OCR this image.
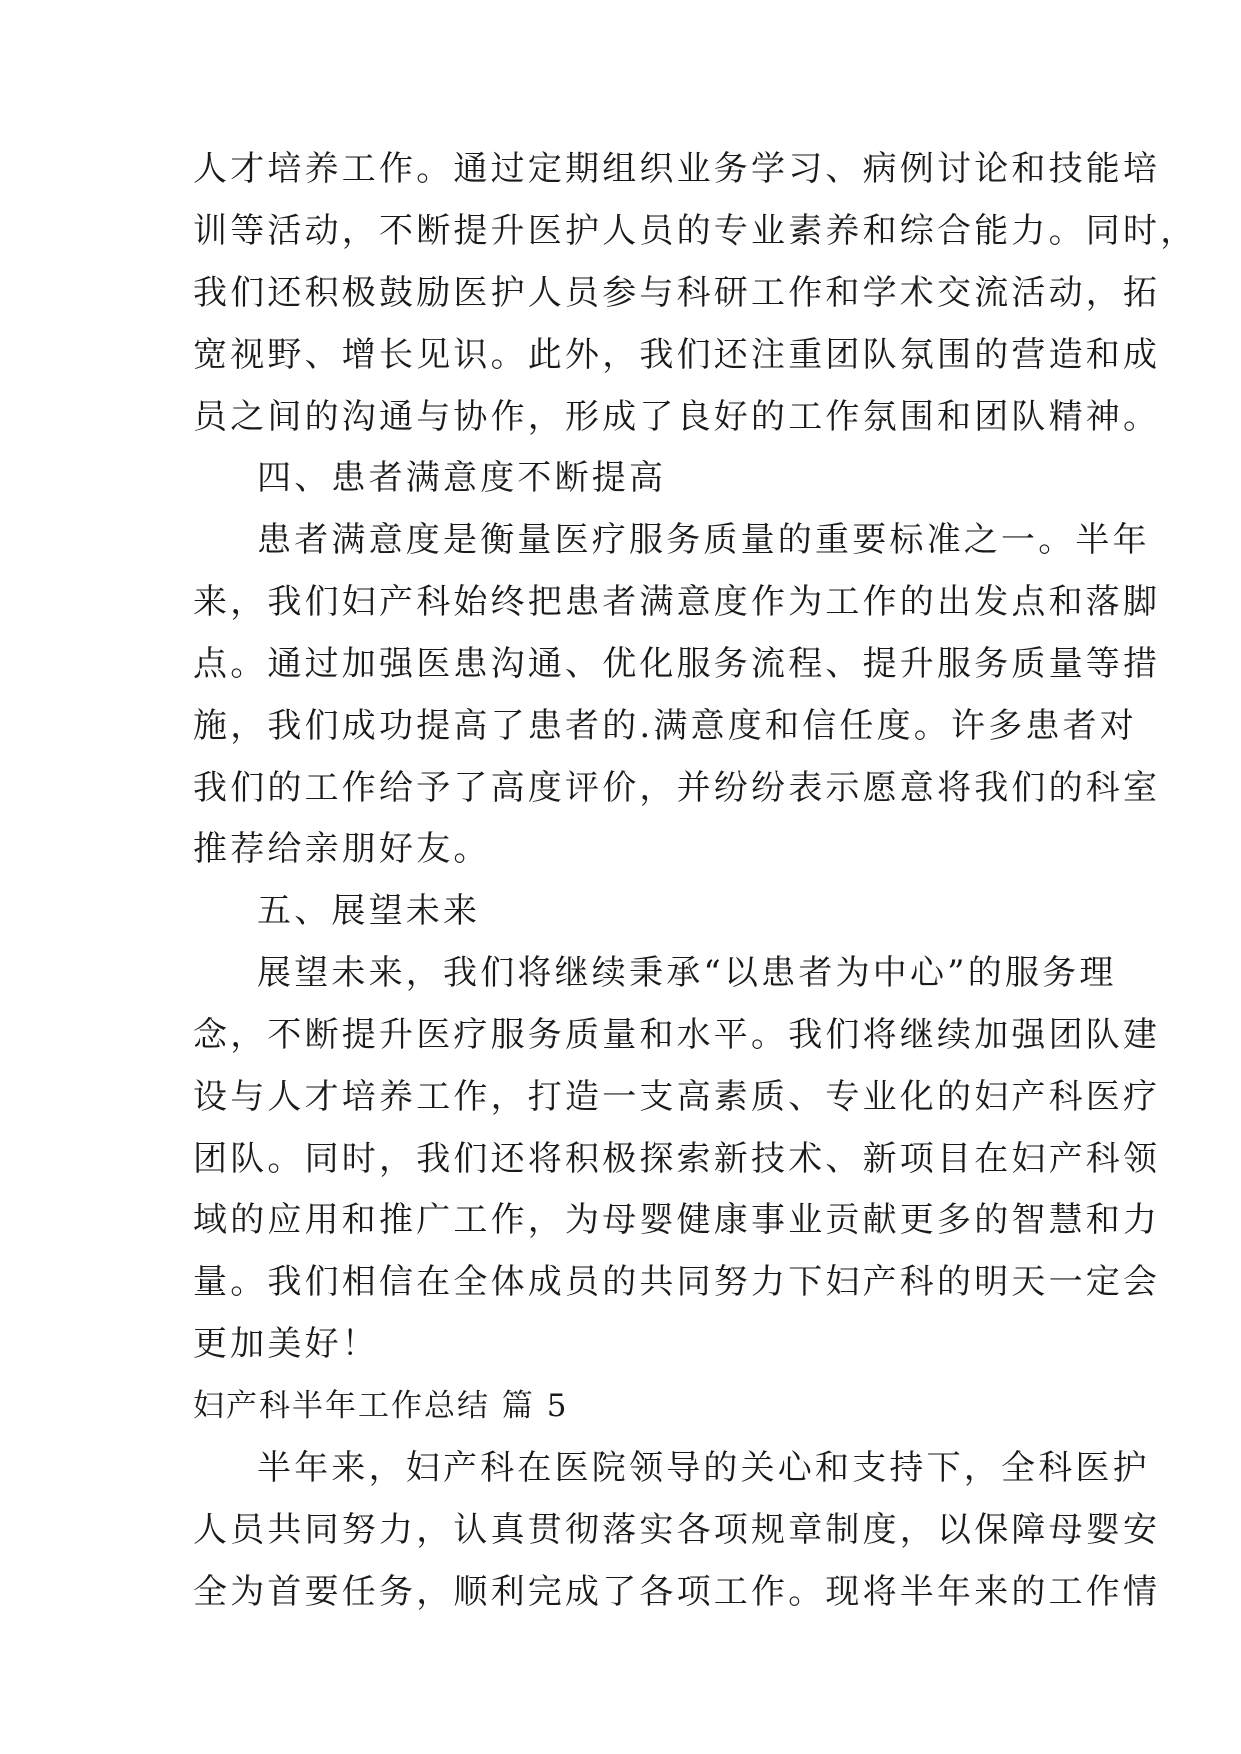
人才培养工作。通过定期组织业务学习、病例讨论和技能培
训等活动，不断提升医护人员的专业素养和综合能力。同时，
我们还积极鼓励医护人员参与科研工作和学术交流活动，拓
宽视野、增长见识。此外，我们还注重团队氛围的营造和成
员之间的沟通与协作，形成了良好的工作氛围和团队精神。
四、患者满意度不断提高
患者满意度是衡量医疗服务质量的重要标准之一。半年
来，我们妇产科始终把患者满意度作为工作的出发点和落脚
点。通过加强医患沟通、优化服务流程、提升服务质量等措
施，我们成功提高了患者的.满意度和信任度。许多患者对
我们的工作给予了高度评价，并纷纷表示愿意将我们的科室
推荐给亲朋好友。
五、展望未来
展望未来，我们将继续秉承“以患者为中心”的服务理
念，不断提升医疗服务质量和水平。我们将继续加强团队建
设与人才培养工作，打造一支高素质、专业化的妇产科医疗
团队。同时，我们还将积极探索新技术、新项目在妇产科领
域的应用和推广工作，为母婴健康事业贡献更多的智慧和力
量。我们相信在全体成员的共同努力下妇产科的明天一定会
更加美好！
妇产科半年工作总结 篇 5
半年来，妇产科在医院领导的关心和支持下，全科医护
人员共同努力，认真贯彻落实各项规章制度，以保障母婴安
全为首要任务，顺利完成了各项工作。现将半年来的工作情
